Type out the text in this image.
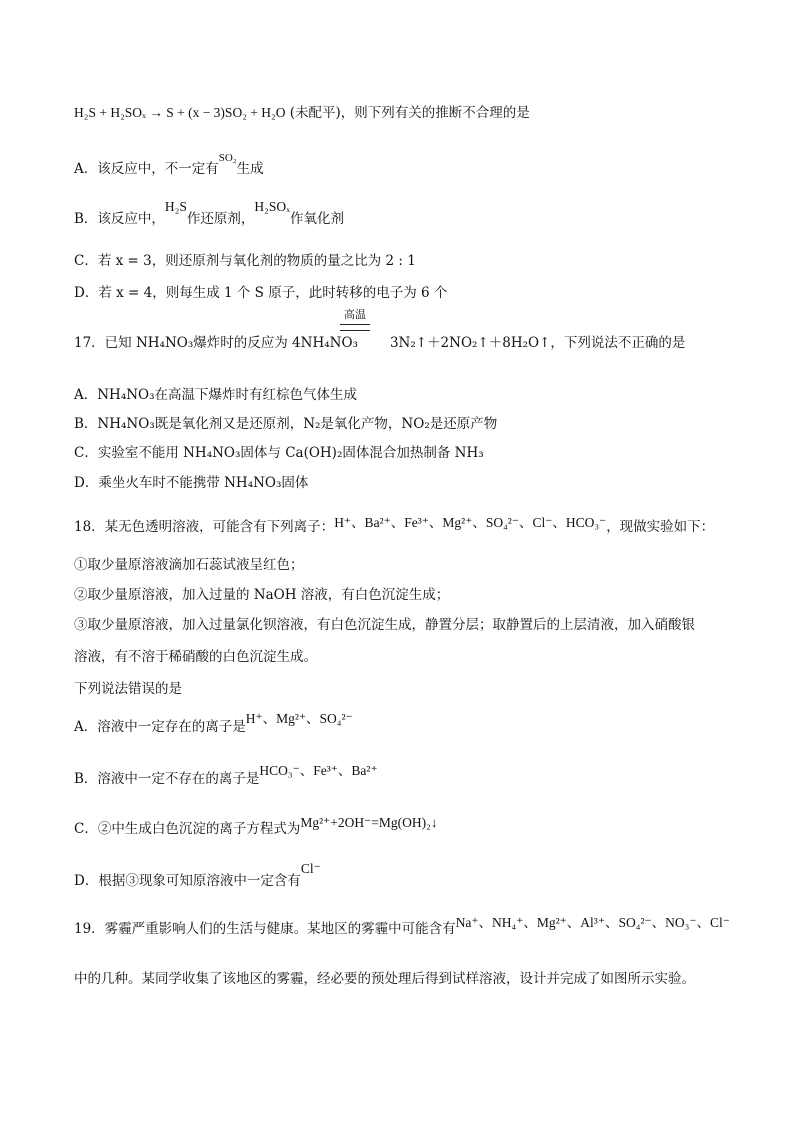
H₂S + H₂SOₓ → S + (x − 3)SO₂ + H₂O (未配平)，则下列有关的推断不合理的是
A．该反应中，不一定有$^{SO_2}$生成
B．该反应中，H₂S作还原剂，H₂SOₓ作氧化剂
C．若 x = 3，则还原剂与氧化剂的物质的量之比为 2 : 1
D．若 x = 4，则每生成 1 个 S 原子，此时转移的电子为 6 个
高温
17．已知 NH₄NO₃爆炸时的反应为 4NH₄NO₃ 3N₂↑＋2NO₂↑＋8H₂O↑，下列说法不正确的是
A．NH₄NO₃在高温下爆炸时有红棕色气体生成
B．NH₄NO₃既是氧化剂又是还原剂，N₂是氧化产物，NO₂是还原产物
C．实验室不能用 NH₄NO₃固体与 Ca(OH)₂固体混合加热制备 NH₃
D．乘坐火车时不能携带 NH₄NO₃固体
18．某无色透明溶液，可能含有下列离子：H⁺、Ba²⁺、Fe³⁺、Mg²⁺、SO₄²⁻、Cl⁻、HCO₃⁻，现做实验如下：
①取少量原溶液滴加石蕊试液呈红色；
②取少量原溶液，加入过量的 NaOH 溶液，有白色沉淀生成；
③取少量原溶液，加入过量氯化钡溶液，有白色沉淀生成，静置分层；取静置后的上层清液，加入硝酸银
溶液，有不溶于稀硝酸的白色沉淀生成。
下列说法错误的是
A．溶液中一定存在的离子是H⁺、Mg²⁺、SO₄²⁻
B．溶液中一定不存在的离子是HCO₃⁻、Fe³⁺、Ba²⁺
C．②中生成白色沉淀的离子方程式为Mg²⁺+2OH⁻=Mg(OH)₂↓
D．根据③现象可知原溶液中一定含有Cl⁻
19．雾霾严重影响人们的生活与健康。某地区的雾霾中可能含有Na⁺、NH₄⁺、Mg²⁺、Al³⁺、SO₄²⁻、NO₃⁻、Cl⁻
中的几种。某同学收集了该地区的雾霾，经必要的预处理后得到试样溶液，设计并完成了如图所示实验。
